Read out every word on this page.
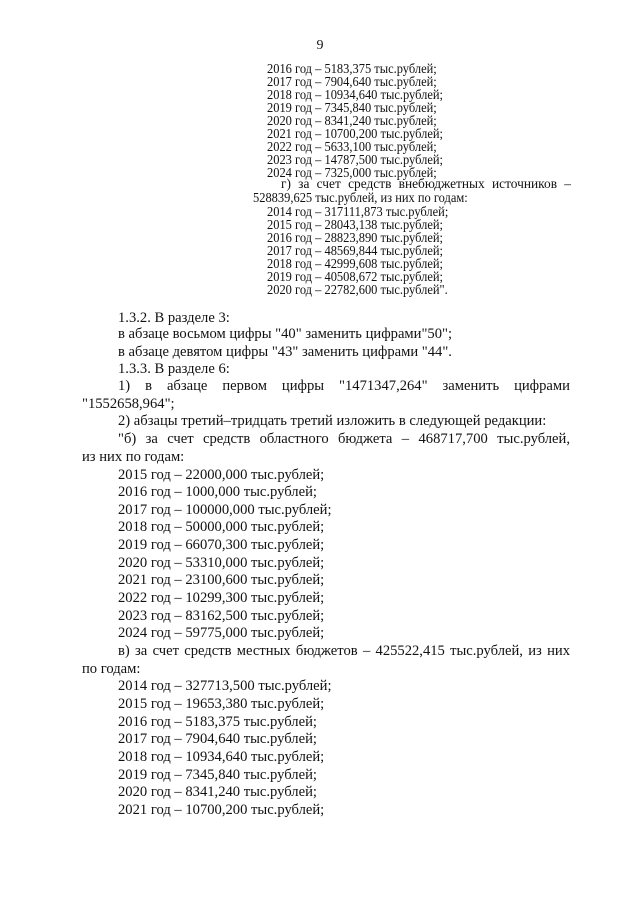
9
2016 год – 5183,375 тыс.рублей;
2017 год – 7904,640 тыс.рублей;
2018 год – 10934,640 тыс.рублей;
2019 год – 7345,840 тыс.рублей;
2020 год – 8341,240 тыс.рублей;
2021 год – 10700,200 тыс.рублей;
2022 год – 5633,100 тыс.рублей;
2023 год – 14787,500 тыс.рублей;
2024 год – 7325,000 тыс.рублей;
г) за счет средств внебюджетных источников –
528839,625 тыс.рублей, из них по годам:
2014 год – 317111,873 тыс.рублей;
2015 год – 28043,138 тыс.рублей;
2016 год – 28823,890 тыс.рублей;
2017 год – 48569,844 тыс.рублей;
2018 год – 42999,608 тыс.рублей;
2019 год – 40508,672 тыс.рублей;
2020 год – 22782,600 тыс.рублей".
1.3.2. В разделе 3:
в абзаце восьмом цифры "40" заменить цифрами"50";
в абзаце девятом цифры "43" заменить цифрами "44".
1.3.3. В разделе 6:
1) в абзаце первом цифры "1471347,264" заменить цифрами
"1552658,964";
2) абзацы третий–тридцать третий изложить в следующей редакции:
"б) за счет средств областного бюджета – 468717,700 тыс.рублей,
из них по годам:
2015 год – 22000,000 тыс.рублей;
2016 год – 1000,000 тыс.рублей;
2017 год – 100000,000 тыс.рублей;
2018 год – 50000,000 тыс.рублей;
2019 год – 66070,300 тыс.рублей;
2020 год – 53310,000 тыс.рублей;
2021 год – 23100,600 тыс.рублей;
2022 год – 10299,300 тыс.рублей;
2023 год – 83162,500 тыс.рублей;
2024 год – 59775,000 тыс.рублей;
в) за счет средств местных бюджетов – 425522,415 тыс.рублей, из них
по годам:
2014 год – 327713,500 тыс.рублей;
2015 год – 19653,380 тыс.рублей;
2016 год – 5183,375 тыс.рублей;
2017 год – 7904,640 тыс.рублей;
2018 год – 10934,640 тыс.рублей;
2019 год – 7345,840 тыс.рублей;
2020 год – 8341,240 тыс.рублей;
2021 год – 10700,200 тыс.рублей;
